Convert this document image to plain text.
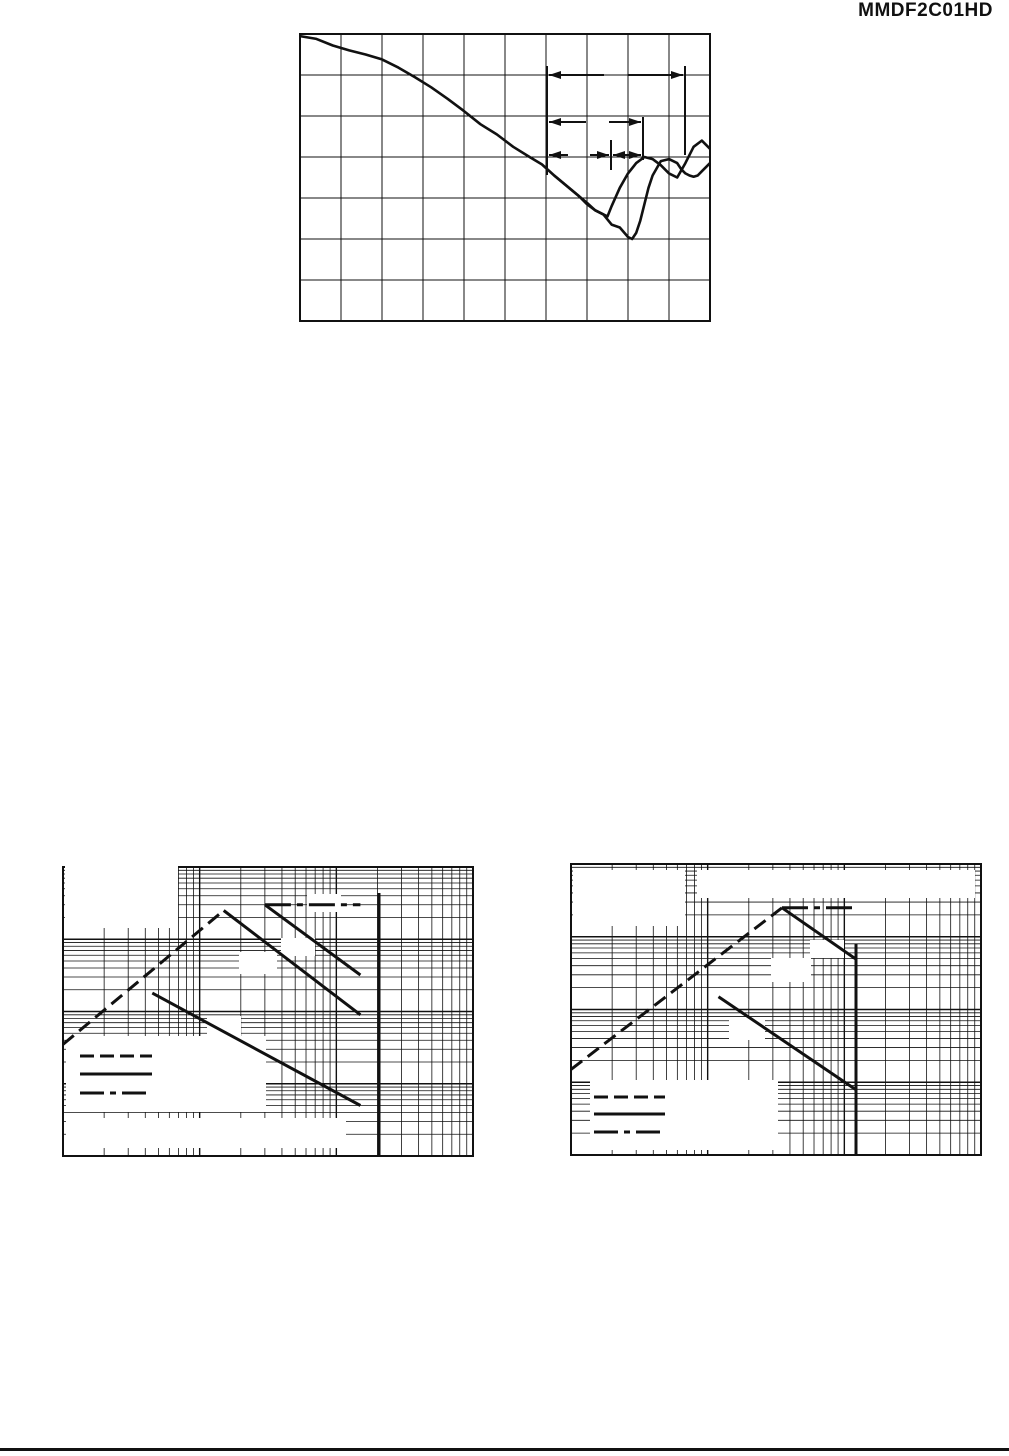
MMDF2C01HD
